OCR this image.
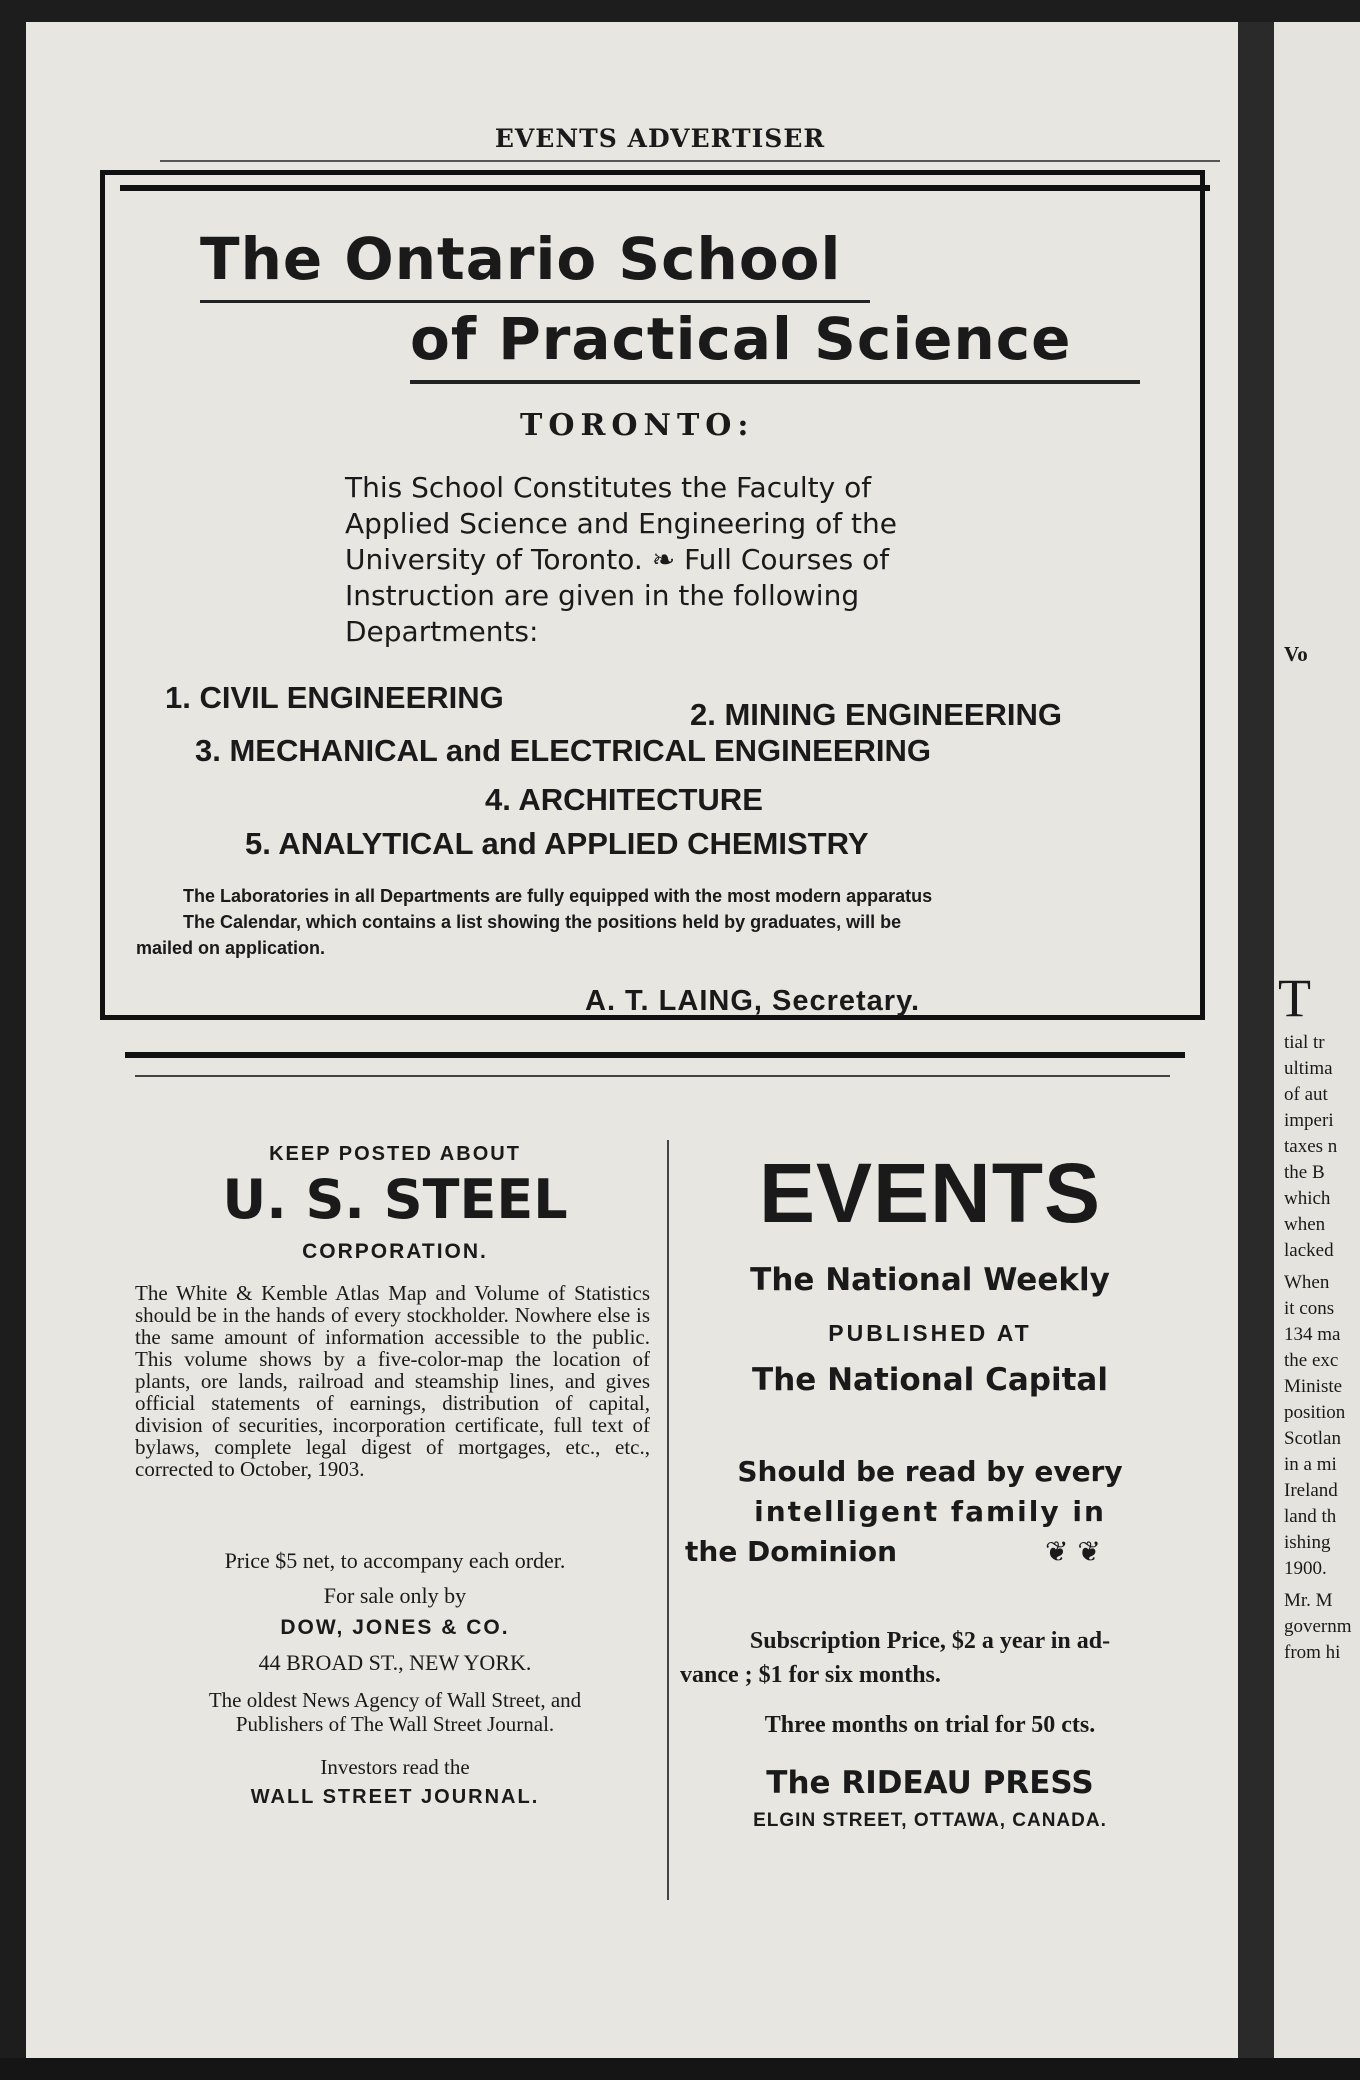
Vo
T
tial tr
ultima
of aut
imperi
taxes n
the B
which
when
lacked
When
it cons
134 ma
the exc
Ministe
position
Scotlan
in a mi
Ireland
land th
ishing
1900.
Mr. M
governm
from hi
EVENTS ADVERTISER
The Ontario School
of Practical Science
TORONTO:
This School Constitutes the Faculty of Applied Science and Engineering of the University of Toronto. ❧ Full Courses of Instruction are given in the following Departments:
1. CIVIL ENGINEERING	2. MINING ENGINEERING
3. MECHANICAL and ELECTRICAL ENGINEERING
4. ARCHITECTURE
5. ANALYTICAL and APPLIED CHEMISTRY
The Laboratories in all Departments are fully equipped with the most modern apparatus
The Calendar, which contains a list showing the positions held by graduates, will be
mailed on application.
A. T. LAING, Secretary.
KEEP POSTED ABOUT
U. S. STEEL
CORPORATION.
The White & Kemble Atlas Map and Volume of Statistics should be in the hands of every stockholder. Nowhere else is the same amount of information accessible to the public. This volume shows by a five-color-map the location of plants, ore lands, railroad and steamship lines, and gives official statements of earnings, distribution of capital, division of securities, incorporation certificate, full text of bylaws, complete legal digest of mortgages, etc., etc., corrected to October, 1903.
Price $5 net, to accompany each order.
For sale only by
DOW, JONES & CO.
44 BROAD ST., NEW YORK.
The oldest News Agency of Wall Street, and
Publishers of The Wall Street Journal.
Investors read the
WALL STREET JOURNAL.
EVENTS
The National Weekly
PUBLISHED AT
The National Capital
Should be read by every
intelligent family in
the Dominion	❦ ❦
Subscription Price, $2 a year in ad-
vance ; $1 for six months.
Three months on trial for 50 cts.
The RIDEAU PRESS
ELGIN STREET, OTTAWA, CANADA.
